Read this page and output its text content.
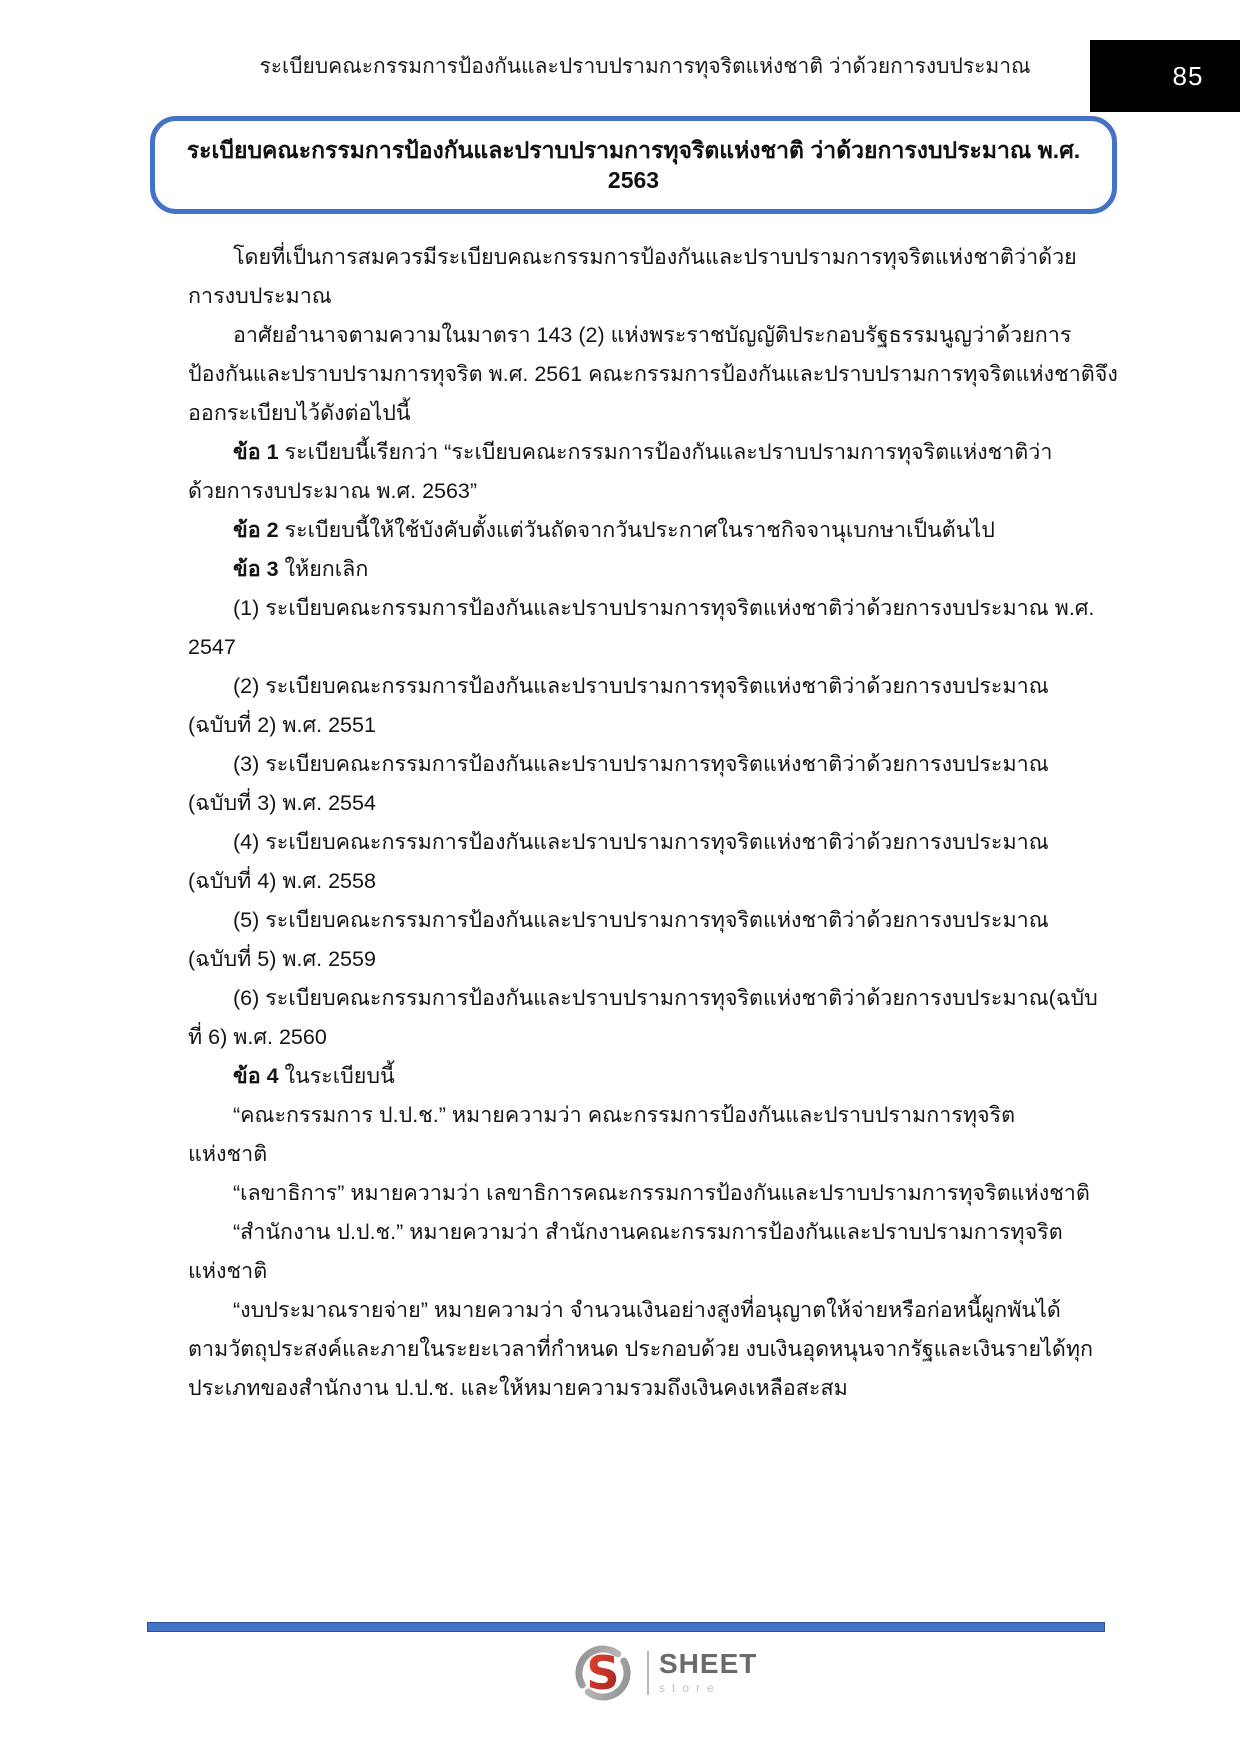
ระเบียบคณะกรรมการป้องกันและปราบปรามการทุจริตแห่งชาติ ว่าด้วยการงบประมาณ	85
ระเบียบคณะกรรมการป้องกันและปราบปรามการทุจริตแห่งชาติ ว่าด้วยการงบประมาณ พ.ศ. 2563
โดยที่เป็นการสมควรมีระเบียบคณะกรรมการป้องกันและปราบปรามการทุจริตแห่งชาติว่าด้วย
การงบประมาณ
อาศัยอำนาจตามความในมาตรา 143 (2) แห่งพระราชบัญญัติประกอบรัฐธรรมนูญว่าด้วยการ
ป้องกันและปราบปรามการทุจริต พ.ศ. 2561 คณะกรรมการป้องกันและปราบปรามการทุจริตแห่งชาติจึง
ออกระเบียบไว้ดังต่อไปนี้
ข้อ 1 ระเบียบนี้เรียกว่า “ระเบียบคณะกรรมการป้องกันและปราบปรามการทุจริตแห่งชาติว่า
ด้วยการงบประมาณ พ.ศ. 2563”
ข้อ 2 ระเบียบนี้ให้ใช้บังคับตั้งแต่วันถัดจากวันประกาศในราชกิจจานุเบกษาเป็นต้นไป
ข้อ 3 ให้ยกเลิก
(1) ระเบียบคณะกรรมการป้องกันและปราบปรามการทุจริตแห่งชาติว่าด้วยการงบประมาณ พ.ศ.
2547
(2) ระเบียบคณะกรรมการป้องกันและปราบปรามการทุจริตแห่งชาติว่าด้วยการงบประมาณ
(ฉบับที่ 2) พ.ศ. 2551
(3) ระเบียบคณะกรรมการป้องกันและปราบปรามการทุจริตแห่งชาติว่าด้วยการงบประมาณ
(ฉบับที่ 3) พ.ศ. 2554
(4) ระเบียบคณะกรรมการป้องกันและปราบปรามการทุจริตแห่งชาติว่าด้วยการงบประมาณ
(ฉบับที่ 4) พ.ศ. 2558
(5) ระเบียบคณะกรรมการป้องกันและปราบปรามการทุจริตแห่งชาติว่าด้วยการงบประมาณ
(ฉบับที่ 5) พ.ศ. 2559
(6) ระเบียบคณะกรรมการป้องกันและปราบปรามการทุจริตแห่งชาติว่าด้วยการงบประมาณ(ฉบับ
ที่ 6) พ.ศ. 2560
ข้อ 4 ในระเบียบนี้
“คณะกรรมการ ป.ป.ช.” หมายความว่า คณะกรรมการป้องกันและปราบปรามการทุจริต
แห่งชาติ
“เลขาธิการ” หมายความว่า เลขาธิการคณะกรรมการป้องกันและปราบปรามการทุจริตแห่งชาติ
“สำนักงาน ป.ป.ช.” หมายความว่า สำนักงานคณะกรรมการป้องกันและปราบปรามการทุจริต
แห่งชาติ
“งบประมาณรายจ่าย” หมายความว่า จำนวนเงินอย่างสูงที่อนุญาตให้จ่ายหรือก่อหนี้ผูกพันได้
ตามวัตถุประสงค์และภายในระยะเวลาที่กำหนด ประกอบด้วย งบเงินอุดหนุนจากรัฐและเงินรายได้ทุก
ประเภทของสำนักงาน ป.ป.ช. และให้หมายความรวมถึงเงินคงเหลือสะสม
S SHEET
store
